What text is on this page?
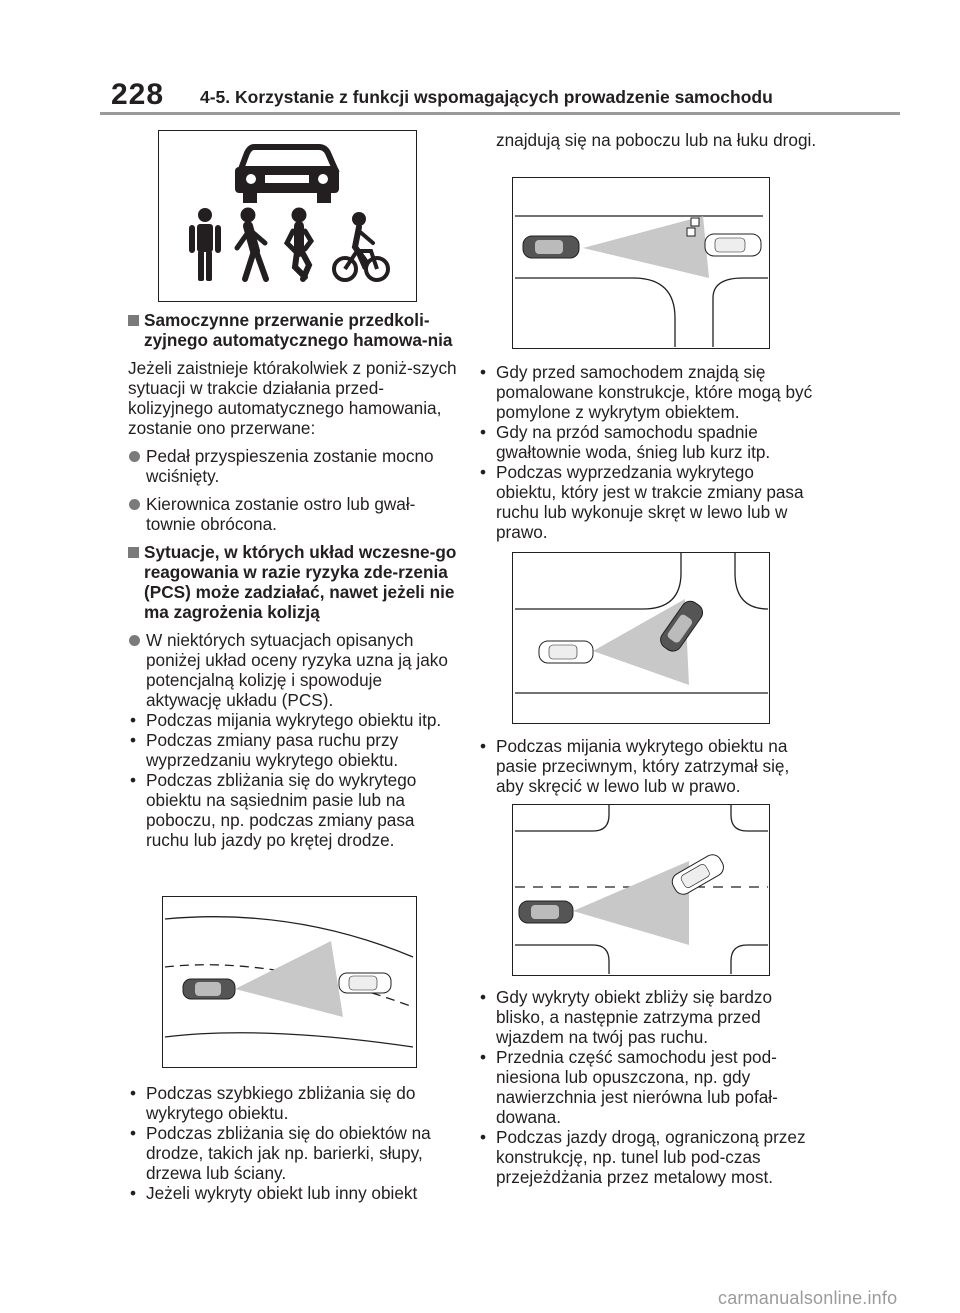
228 4-5. Korzystanie z funkcji wspomagających prowadzenie samochodu
Samoczynne przerwanie przedkoli-zyjnego automatycznego hamowa-nia
Jeżeli zaistnieje którakolwiek z poniż-szych sytuacji w trakcie działania przed-kolizyjnego automatycznego hamowania, zostanie ono przerwane:
Pedał przyspieszenia zostanie mocno wciśnięty.
Kierownica zostanie ostro lub gwał-townie obrócona.
Sytuacje, w których układ wczesne-go reagowania w razie ryzyka zde-rzenia (PCS) może zadziałać, nawet jeżeli nie ma zagrożenia kolizją
W niektórych sytuacjach opisanych poniżej układ oceny ryzyka uzna ją jako potencjalną kolizję i spowoduje aktywację układu (PCS).
• Podczas mijania wykrytego obiektu itp.
• Podczas zmiany pasa ruchu przy wyprzedzaniu wykrytego obiektu.
• Podczas zbliżania się do wykrytego obiektu na sąsiednim pasie lub na poboczu, np. podczas zmiany pasa ruchu lub jazdy po krętej drodze.
• Podczas szybkiego zbliżania się do wykrytego obiektu.
• Podczas zbliżania się do obiektów na drodze, takich jak np. barierki, słupy, drzewa lub ściany.
• Jeżeli wykryty obiekt lub inny obiekt
znajdują się na poboczu lub na łuku drogi.
• Gdy przed samochodem znajdą się pomalowane konstrukcje, które mogą być pomylone z wykrytym obiektem.
• Gdy na przód samochodu spadnie gwałtownie woda, śnieg lub kurz itp.
• Podczas wyprzedzania wykrytego obiektu, który jest w trakcie zmiany pasa ruchu lub wykonuje skręt w lewo lub w prawo.
• Podczas mijania wykrytego obiektu na pasie przeciwnym, który zatrzymał się, aby skręcić w lewo lub w prawo.
• Gdy wykryty obiekt zbliży się bardzo blisko, a następnie zatrzyma przed wjazdem na twój pas ruchu.
• Przednia część samochodu jest pod-niesiona lub opuszczona, np. gdy nawierzchnia jest nierówna lub pofał-dowana.
• Podczas jazdy drogą, ograniczoną przez konstrukcję, np. tunel lub pod-czas przejeżdżania przez metalowy most.
carmanualsonline.info
